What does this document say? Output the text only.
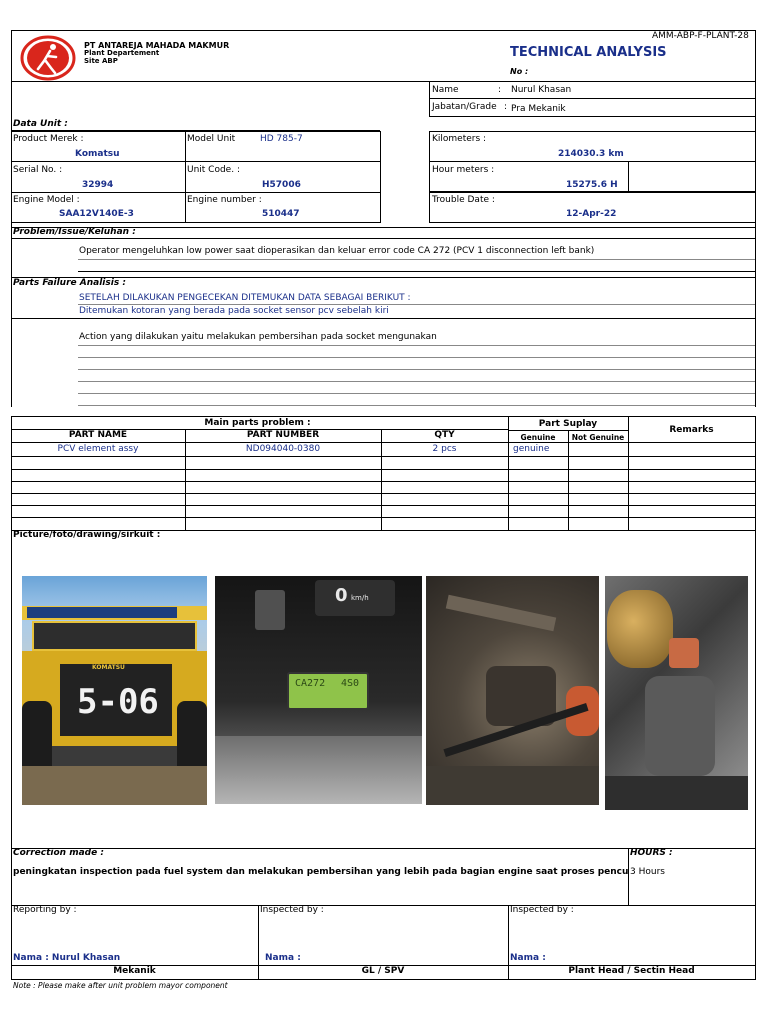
AMM-ABP-F-PLANT-28
PT ANTAREJA MAHADA MAKMUR
Plant Departement
Site ABP
TECHNICAL ANALYSIS
No :
Name	: Nurul Khasan
Jabatan/Grade : Pra Mekanik
Data Unit :
Product Merek :
Komatsu
Model Unit	HD 785-7
Serial No. :
32994
Unit Code. :
H57006
Engine Model :
SAA12V140E-3
Engine number :
510447
Kilometers :
214030.3 km
Hour meters :
15275.6 H
Trouble Date :
12-Apr-22
Problem/Issue/Keluhan :
Operator mengeluhkan low power saat dioperasikan dan keluar error code CA 272 (PCV 1 disconnection left bank)
Parts Failure Analisis :
SETELAH DILAKUKAN PENGECEKAN DITEMUKAN DATA SEBAGAI BERIKUT :
Ditemukan kotoran yang berada pada socket sensor pcv sebelah kiri
Action yang dilakukan yaitu melakukan pembersihan pada socket mengunakan
Main parts problem :	Part Suplay
Remarks
PART NAME	PART NUMBER	QTY	Genuine	Not Genuine
PCV element assy	ND094040-0380	2 pcs	genuine
Picture/foto/drawing/sirkuit :
KOMATSU
5-06
0 km/h
CA272 4S0
Correction made :	HOURS :
peningkatan inspection pada fuel system dan melakukan pembersihan yang lebih pada bagian engine saat proses pencu 3 Hours
Reporting by :	Inspected by :	Inspected by :
Nama : Nurul Khasan	Nama :	Nama :
Mekanik	GL / SPV	Plant Head / Sectin Head
Note : Please make after unit problem mayor component
